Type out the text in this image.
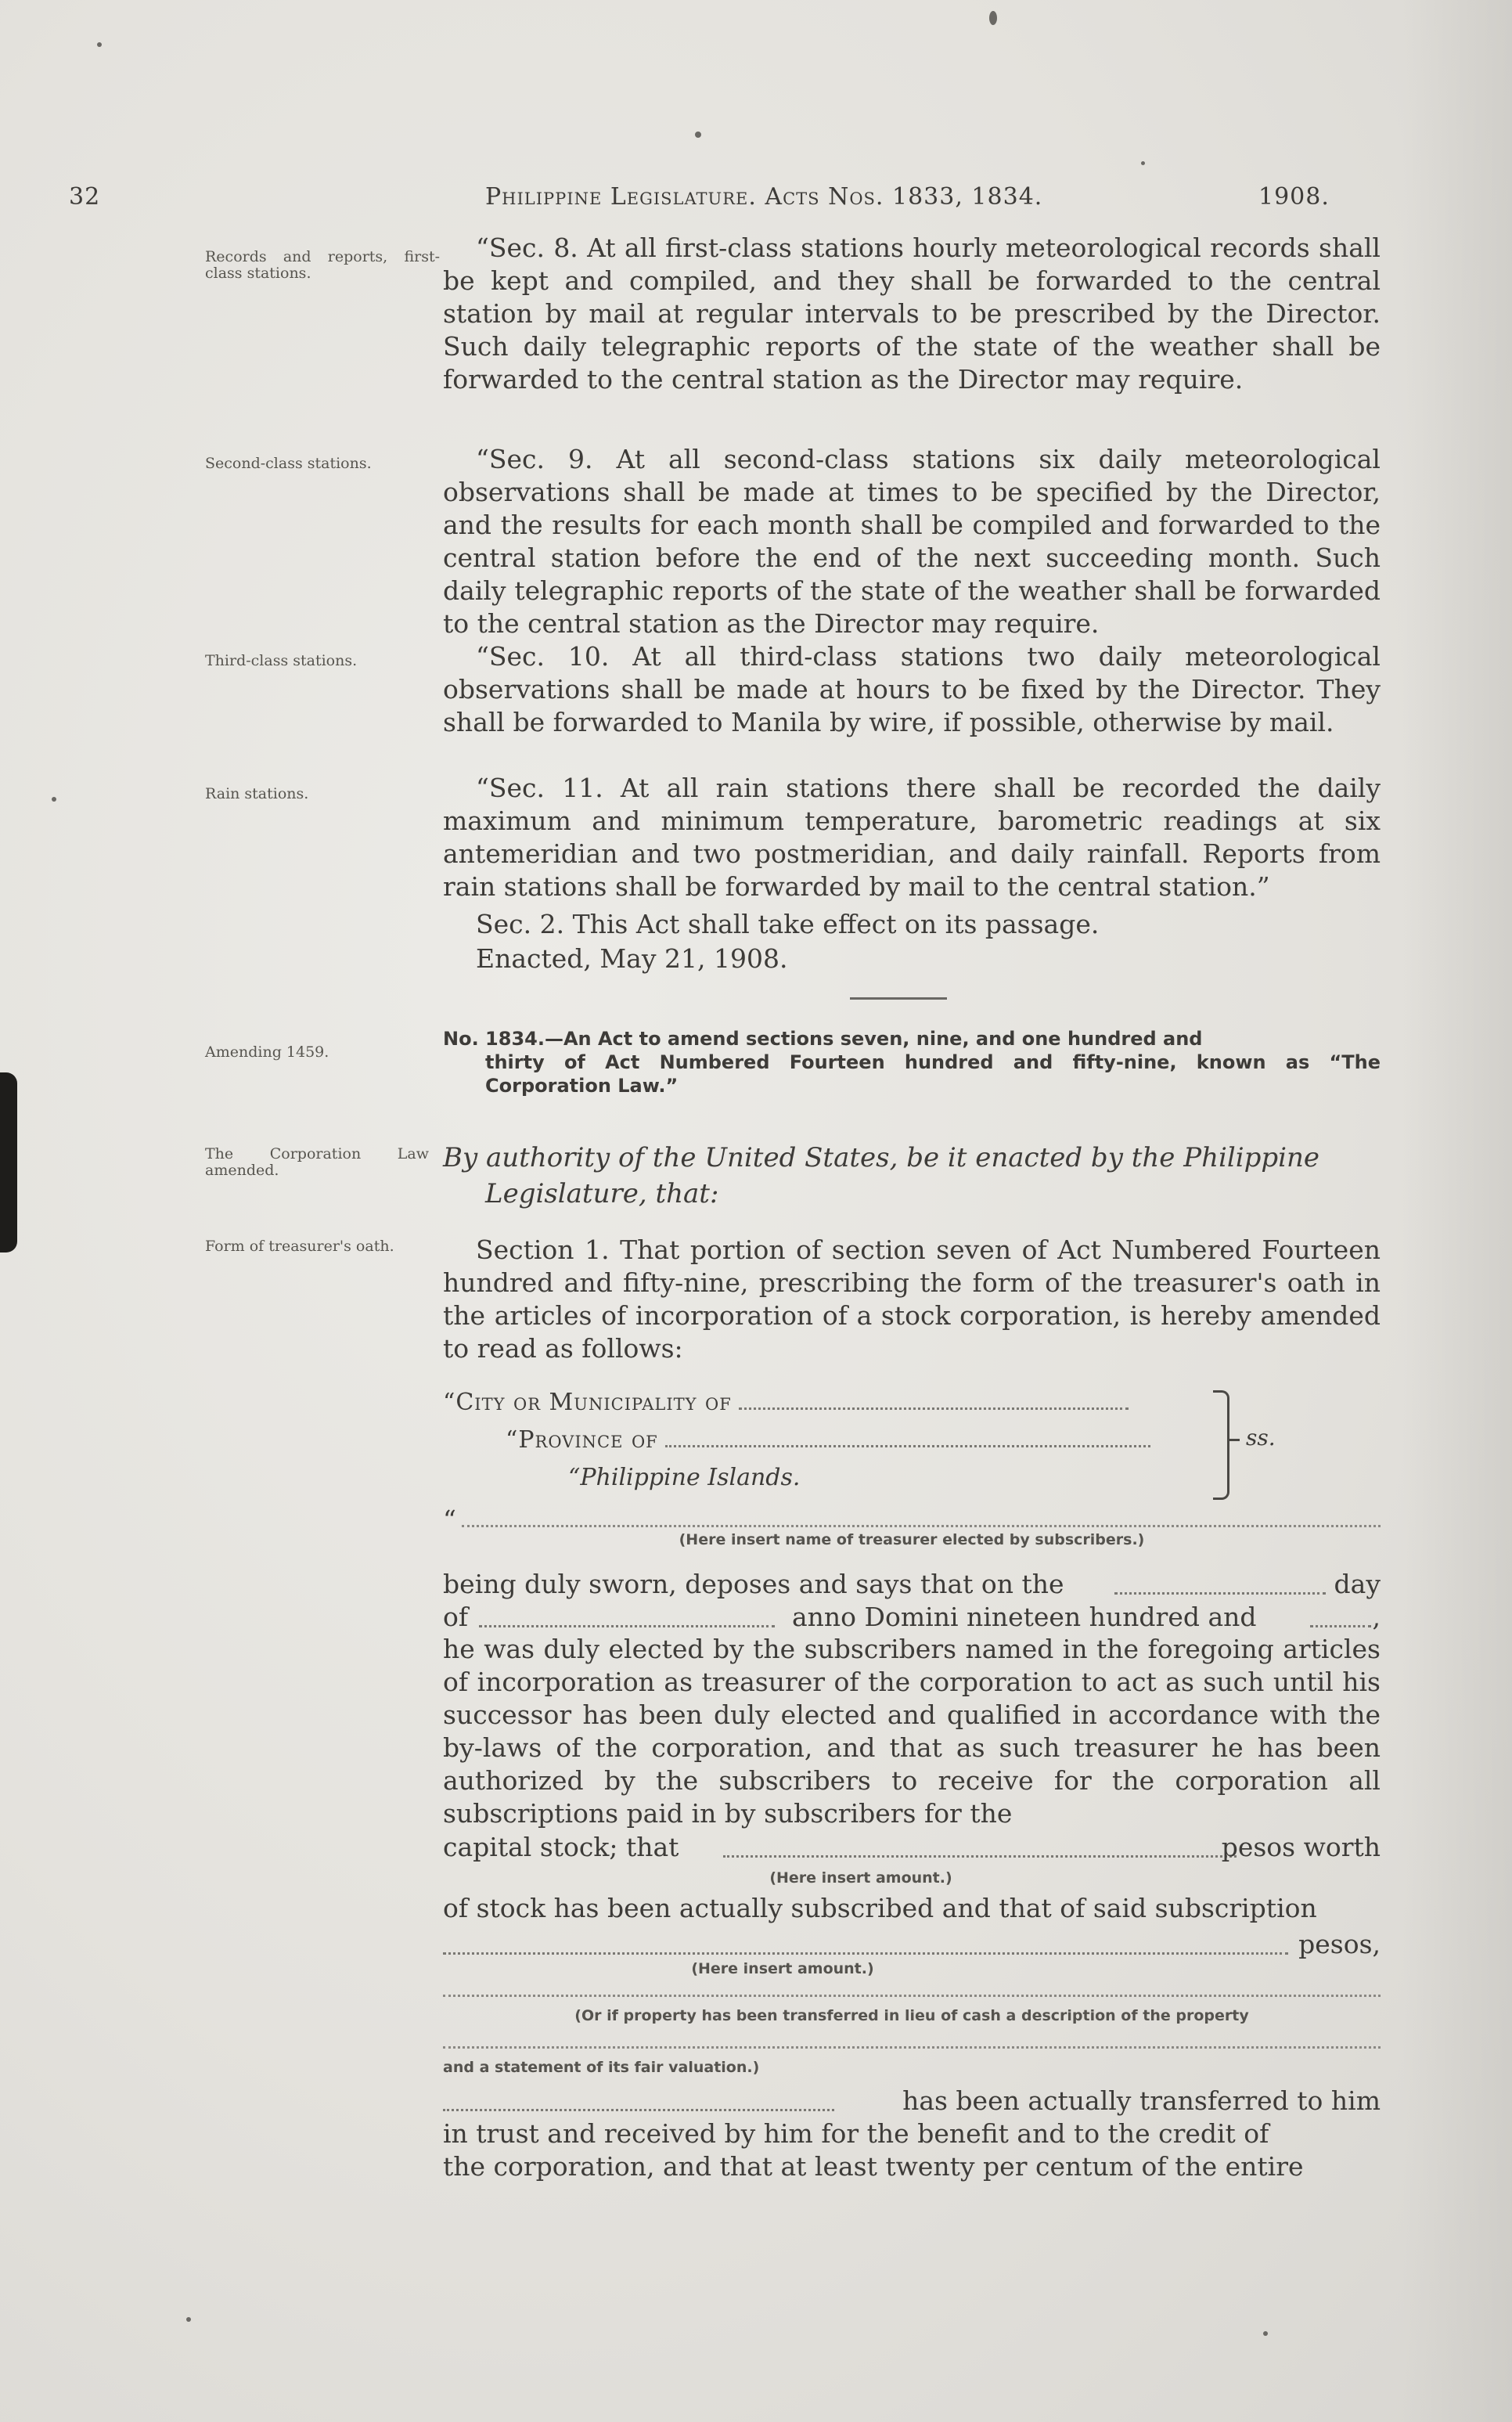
32	Philippine Legislature. Acts Nos. 1833, 1834.	1908.
Records and reports, first-class stations.
Second-class stations.
Third-class stations.
Rain stations.
Amending 1459.
The Corporation Law amended.
Form of treasurer's oath.

“Sec. 8. At all first-class stations hourly meteorological records shall be kept and compiled, and they shall be forwarded to the central station by mail at regular intervals to be prescribed by the Director. Such daily telegraphic reports of the state of the weather shall be forwarded to the central station as the Director may require.

“Sec. 9. At all second-class stations six daily meteorological observations shall be made at times to be specified by the Director, and the results for each month shall be compiled and forwarded to the central station before the end of the next succeeding month. Such daily telegraphic reports of the state of the weather shall be forwarded to the central station as the Director may require.

“Sec. 10. At all third-class stations two daily meteorological observations shall be made at hours to be fixed by the Director. They shall be forwarded to Manila by wire, if possible, otherwise by mail.

“Sec. 11. At all rain stations there shall be recorded the daily maximum and minimum temperature, barometric readings at six antemeridian and two postmeridian, and daily rainfall. Reports from rain stations shall be forwarded by mail to the central station.”

Sec. 2. This Act shall take effect on its passage.

Enacted, May 21, 1908.

No. 1834.—An Act to amend sections seven, nine, and one hundred and
thirty of Act Numbered Fourteen hundred and fifty-nine, known as “The Corporation Law.”
By authority of the United States, be it enacted by the Philippine
Legislature, that:

Section 1. That portion of section seven of Act Numbered Fourteen hundred and fifty-nine, prescribing the form of the treasurer's oath in the articles of incorporation of a stock corporation, is hereby amended to read as follows:

“City or Municipality of
“Province of
“Philippine Islands.
ss.
“
(Here insert name of treasurer elected by subscribers.)
being duly sworn, deposes and says that on the	day
of	anno Domini nineteen hundred and	,

he was duly elected by the subscribers named in the foregoing articles of incorporation as treasurer of the corporation to act as such until his successor has been duly elected and qualified in accordance with the by-laws of the corporation, and that as such treasurer he has been authorized by the subscribers to receive for the corporation all subscriptions paid in by subscribers for the

capital stock; that	pesos worth
(Here insert amount.)
of stock has been actually subscribed and that of said subscription
pesos,
(Here insert amount.)
(Or if property has been transferred in lieu of cash a description of the property
and a statement of its fair valuation.)
has been actually transferred to him
in trust and received by him for the benefit and to the credit of
the corporation, and that at least twenty per centum of the entire
